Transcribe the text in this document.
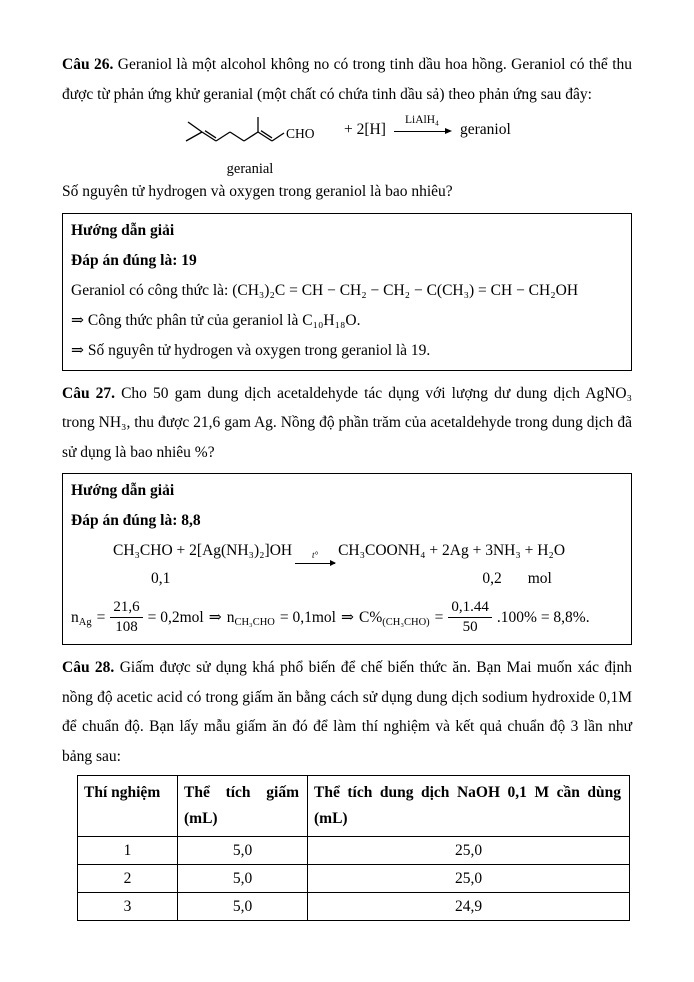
Câu 26. Geraniol là một alcohol không no có trong tinh dầu hoa hồng. Geraniol có thể thu được từ phản ứng khử geranial (một chất có chứa tinh dầu sả) theo phản ứng sau đây:

CHO
geranial
+ 2[H]
LiAlH₄
geraniol

Số nguyên tử hydrogen và oxygen trong geraniol là bao nhiêu?

Hướng dẫn giải

Đáp án đúng là: 19

Geraniol có công thức là: (CH₃)₂C = CH − CH₂ − CH₂ − C(CH₃) = CH − CH₂OH

⇒ Công thức phân tử của geraniol là C₁₀H₁₈O.

⇒ Số nguyên tử hydrogen và oxygen trong geraniol là 19.

Câu 27. Cho 50 gam dung dịch acetaldehyde tác dụng với lượng dư dung dịch AgNO₃ trong NH₃, thu được 21,6 gam Ag. Nồng độ phần trăm của acetaldehyde trong dung dịch đã sử dụng là bao nhiêu %?

Hướng dẫn giải

Đáp án đúng là: 8,8

CH₃CHO + 2[Ag(NH₃)₂]OH t° CH₃COONH₄ + 2Ag + 3NH₃ + H₂O

0,1	0,2 mol

$n_{Ag} = \frac{21,6}{108} = 0,2mol$ ⇒ $n_{CH_3CHO} = 0,1mol$ ⇒ $C\%_{(CH_3CHO)} = \frac{0,1.44}{50} .100\% = 8,8\%$.

Câu 28. Giấm được sử dụng khá phổ biến để chế biến thức ăn. Bạn Mai muốn xác định nồng độ acetic acid có trong giấm ăn bằng cách sử dụng dung dịch sodium hydroxide 0,1M để chuẩn độ. Bạn lấy mẫu giấm ăn đó để làm thí nghiệm và kết quả chuẩn độ 3 lần như bảng sau:

Thí nghiệm	Thể tích giấm (mL)	Thể tích dung dịch NaOH 0,1 M cần dùng (mL)
1	5,0	25,0
2	5,0	25,0
3	5,0	24,9
